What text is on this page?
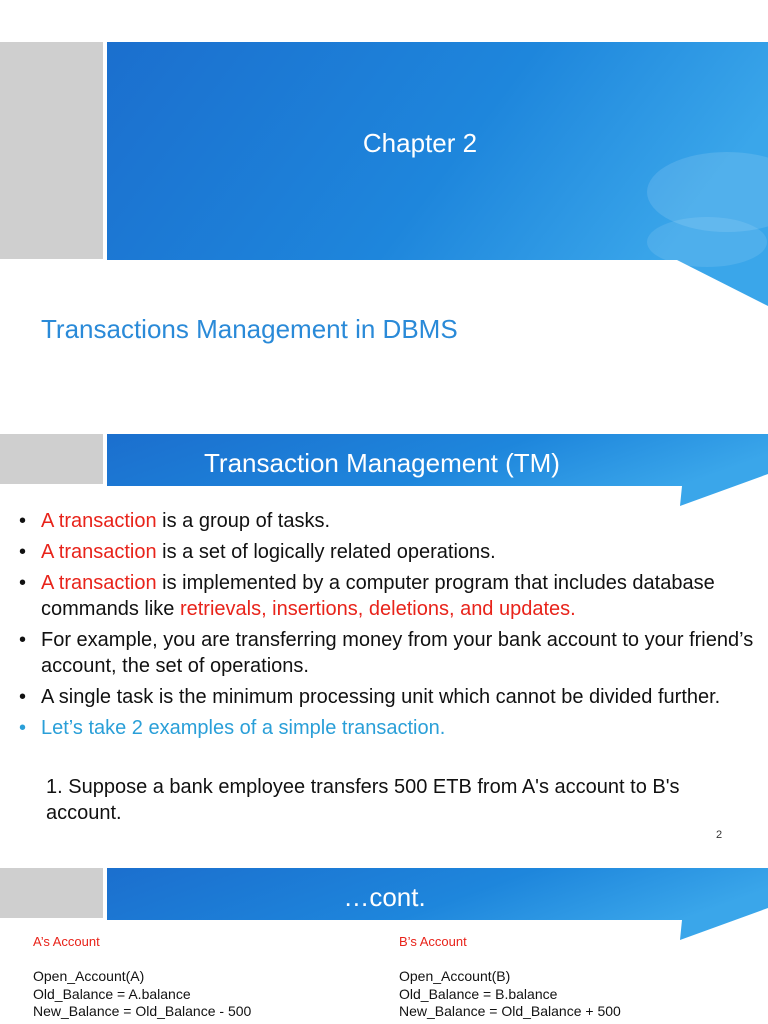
Chapter 2
Transactions Management in DBMS
Transaction Management (TM)
• A transaction is a group of tasks.
• A transaction is a set of logically related operations.
• A transaction is implemented by a computer program that includes database commands like retrievals, insertions, deletions, and updates.
• For example, you are transferring money from your bank account to your friend’s account, the set of operations.
• A single task is the minimum processing unit which cannot be divided further.
• Let’s take 2 examples of a simple transaction.
1. Suppose a bank employee transfers 500 ETB from A's account to B's account.
2
…cont.
A’s Account	B’s Account
Open_Account(A)
Old_Balance = A.balance
New_Balance = Old_Balance - 500
Open_Account(B)
Old_Balance = B.balance
New_Balance = Old_Balance + 500
